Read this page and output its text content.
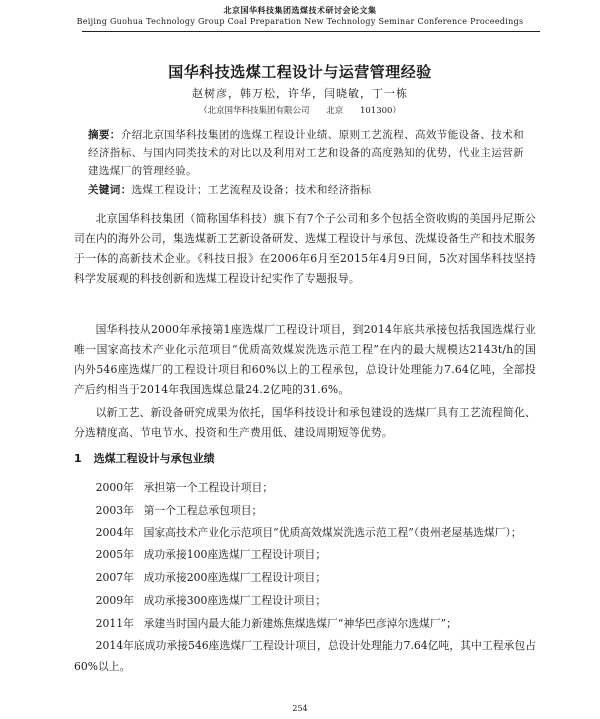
北京国华科技集团选煤技术研讨会论文集
Beijing Guohua Technology Group Coal Preparation New Technology Seminar Conference Proceedings
国华科技选煤工程设计与运营管理经验
赵树彦，韩万松，许华，闫晓敏，丁一栋
（北京国华科技集团有限公司 北京 101300）
摘要：介绍北京国华科技集团的选煤工程设计业绩、原则工艺流程、高效节能设备、技术和经济指标、与国内同类技术的对比以及利用对工艺和设备的高度熟知的优势，代业主运营新建选煤厂的管理经验。
关键词：选煤工程设计；工艺流程及设备；技术和经济指标
北京国华科技集团（简称国华科技）旗下有7个子公司和多个包括全资收购的美国丹尼斯公司在内的海外公司，集选煤新工艺新设备研发、选煤工程设计与承包、洗煤设备生产和技术服务于一体的高新技术企业。《科技日报》在2006年6月至2015年4月9日间，5次对国华科技坚持科学发展观的科技创新和选煤工程设计纪实作了专题报导。
国华科技从2000年承接第1座选煤厂工程设计项目，到2014年底共承接包括我国选煤行业唯一国家高技术产业化示范项目“优质高效煤炭洗选示范工程”在内的最大规模达2143t/h的国内外546座选煤厂的工程设计项目和60%以上的工程承包，总设计处理能力7.64亿吨，全部投产后约相当于2014年我国选煤总量24.2亿吨的31.6%。
以新工艺、新设备研究成果为依托，国华科技设计和承包建设的选煤厂具有工艺流程简化、分选精度高、节电节水、投资和生产费用低、建设周期短等优势。
1 选煤工程设计与承包业绩
2000年 承担第一个工程设计项目；
2003年 第一个工程总承包项目；
2004年 国家高技术产业化示范项目“优质高效煤炭洗选示范工程”（贵州老屋基选煤厂）；
2005年 成功承接100座选煤厂工程设计项目；
2007年 成功承接200座选煤厂工程设计项目；
2009年 成功承接300座选煤厂工程设计项目；
2011年 承建当时国内最大能力新建炼焦煤选煤厂“神华巴彦淖尔选煤厂”；
2014年底成功承接546座选煤厂工程设计项目，总设计处理能力7.64亿吨，其中工程承包占60%以上。
254
